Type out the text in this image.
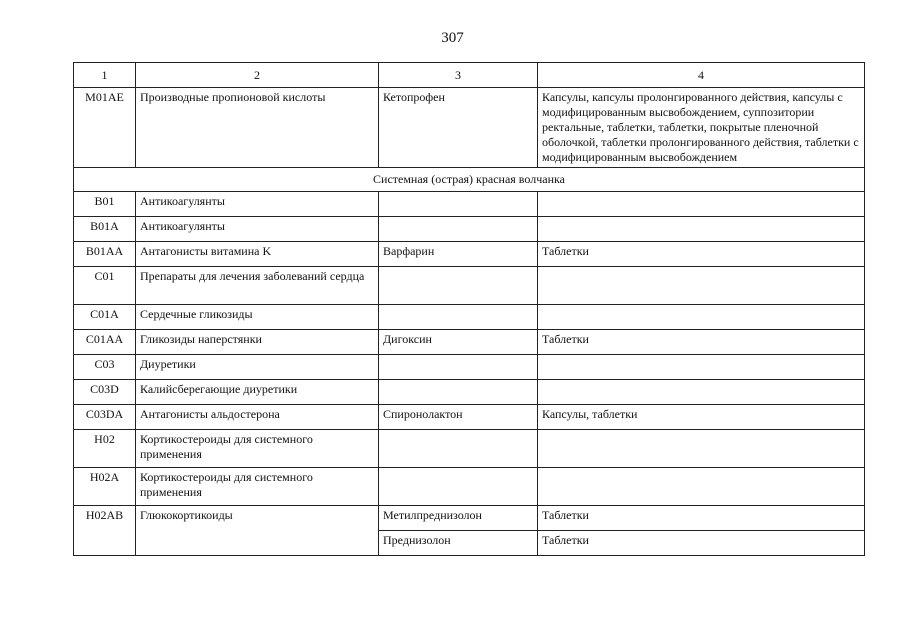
307
1	2	3	4
M01AE	Производные пропионовой кислоты	Кетопрофен	Капсулы, капсулы пролонгированного действия, капсулы с модифицированным высвобождением, суппозитории ректальные, таблетки, таблетки, покрытые пленочной оболочкой, таблетки пролонгированного действия, таблетки с модифицированным высвобождением
Системная (острая) красная волчанка			
B01	Антикоагулянты		
B01A	Антикоагулянты		
B01AA	Антагонисты витамина K	Варфарин	Таблетки
C01	Препараты для лечения заболеваний сердца		
C01A	Сердечные гликозиды		
C01AA	Гликозиды наперстянки	Дигоксин	Таблетки
C03	Диуретики		
C03D	Калийсберегающие диуретики		
C03DA	Антагонисты альдостерона	Спиронолактон	Капсулы, таблетки
H02	Кортикостероиды для системного применения		
H02A	Кортикостероиды для системного применения		
H02AB	Глюкокортикоиды	Метилпреднизолон	Таблетки
		Преднизолон	Таблетки
